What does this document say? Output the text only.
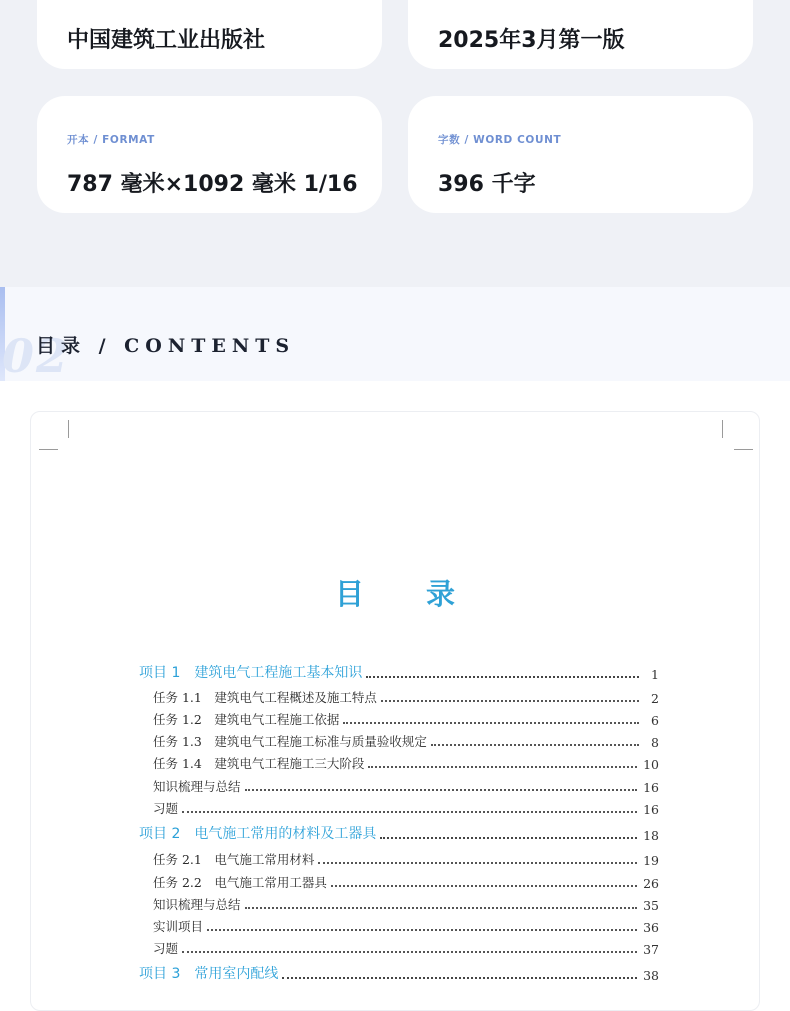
中国建筑工业出版社	2025年3月第一版
开本 / FORMAT
787 毫米×1092 毫米 1/16
字数 / WORD COUNT
396 千字
02
目录 / CONTENTS
目 录
项目 1　建筑电气工程施工基本知识	1
任务 1.1　建筑电气工程概述及施工特点	2
任务 1.2　建筑电气工程施工依据	6
任务 1.3　建筑电气工程施工标准与质量验收规定	8
任务 1.4　建筑电气工程施工三大阶段	10
知识梳理与总结	16
习题	16
项目 2　电气施工常用的材料及工器具	18
任务 2.1　电气施工常用材料	19
任务 2.2　电气施工常用工器具	26
知识梳理与总结	35
实训项目	36
习题	37
项目 3　常用室内配线	38
